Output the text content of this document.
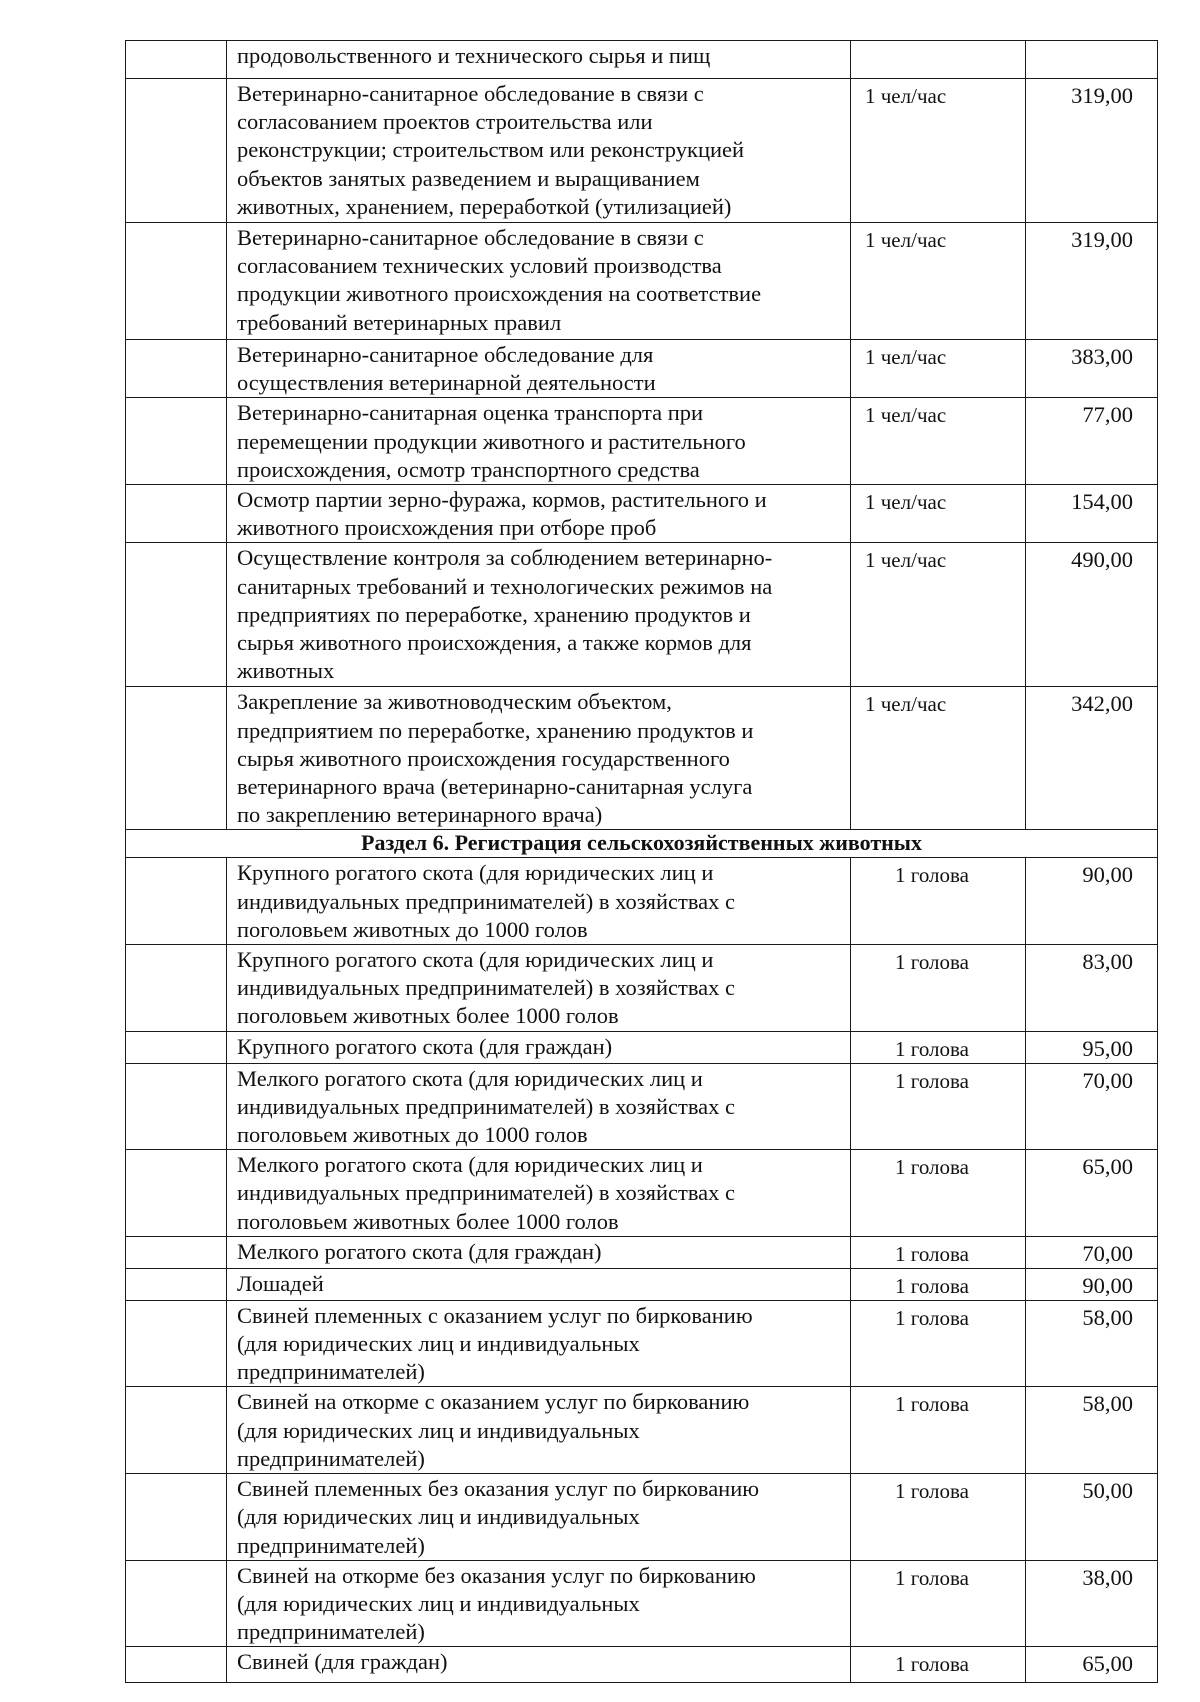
	продовольственного и технического сырья и пищ		
	Ветеринарно-санитарное обследование в связи с
согласованием проектов строительства или
реконструкции; строительством или реконструкцией
объектов занятых разведением и выращиванием
животных, хранением, переработкой (утилизацией)	1 чел/час	319,00
	Ветеринарно-санитарное обследование в связи с
согласованием технических условий производства
продукции животного происхождения на соответствие
требований ветеринарных правил	1 чел/час	319,00
	Ветеринарно-санитарное обследование для
осуществления ветеринарной деятельности	1 чел/час	383,00
	Ветеринарно-санитарная оценка транспорта при
перемещении продукции животного и растительного
происхождения, осмотр транспортного средства	1 чел/час	77,00
	Осмотр партии зерно-фуража, кормов, растительного и
животного происхождения при отборе проб	1 чел/час	154,00
	Осуществление контроля за соблюдением ветеринарно-
санитарных требований и технологических режимов на
предприятиях по переработке, хранению продуктов и
сырья животного происхождения, а также кормов для
животных	1 чел/час	490,00
	Закрепление за животноводческим объектом,
предприятием по переработке, хранению продуктов и
сырья животного происхождения государственного
ветеринарного врача (ветеринарно-санитарная услуга
по закреплению ветеринарного врача)	1 чел/час	342,00
Раздел 6. Регистрация сельскохозяйственных животных			
	Крупного рогатого скота (для юридических лиц и
индивидуальных предпринимателей) в хозяйствах с
поголовьем животных до 1000 голов	1 голова	90,00
	Крупного рогатого скота (для юридических лиц и
индивидуальных предпринимателей) в хозяйствах с
поголовьем животных более 1000 голов	1 голова	83,00
	Крупного рогатого скота (для граждан)	1 голова	95,00
	Мелкого рогатого скота (для юридических лиц и
индивидуальных предпринимателей) в хозяйствах с
поголовьем животных до 1000 голов	1 голова	70,00
	Мелкого рогатого скота (для юридических лиц и
индивидуальных предпринимателей) в хозяйствах с
поголовьем животных более 1000 голов	1 голова	65,00
	Мелкого рогатого скота (для граждан)	1 голова	70,00
	Лошадей	1 голова	90,00
	Свиней племенных с оказанием услуг по биркованию
(для юридических лиц и индивидуальных
предпринимателей)	1 голова	58,00
	Свиней на откорме с оказанием услуг по биркованию
(для юридических лиц и индивидуальных
предпринимателей)	1 голова	58,00
	Свиней племенных без оказания услуг по биркованию
(для юридических лиц и индивидуальных
предпринимателей)	1 голова	50,00
	Свиней на откорме без оказания услуг по биркованию
(для юридических лиц и индивидуальных
предпринимателей)	1 голова	38,00
	Свиней (для граждан)	1 голова	65,00
